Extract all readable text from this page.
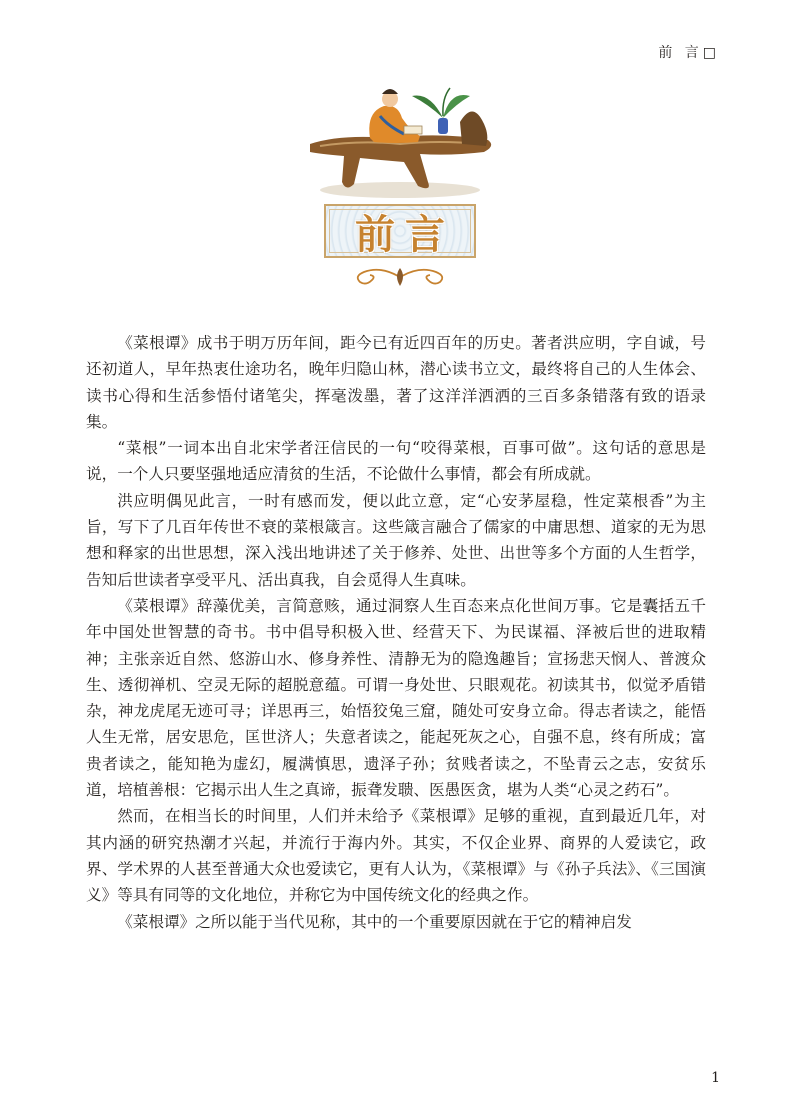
前 言□
前言

《菜根谭》成书于明万历年间，距今已有近四百年的历史。著者洪应明，字自诚，号还初道人，早年热衷仕途功名，晚年归隐山林，潜心读书立文，最终将自己的人生体会、读书心得和生活参悟付诸笔尖，挥毫泼墨，著了这洋洋洒洒的三百多条错落有致的语录集。

“菜根”一词本出自北宋学者汪信民的一句“咬得菜根，百事可做”。这句话的意思是说，一个人只要坚强地适应清贫的生活，不论做什么事情，都会有所成就。

洪应明偶见此言，一时有感而发，便以此立意，定“心安茅屋稳，性定菜根香”为主旨，写下了几百年传世不衰的菜根箴言。这些箴言融合了儒家的中庸思想、道家的无为思想和释家的出世思想，深入浅出地讲述了关于修养、处世、出世等多个方面的人生哲学，告知后世读者享受平凡、活出真我，自会觅得人生真味。

《菜根谭》辞藻优美，言简意赅，通过洞察人生百态来点化世间万事。它是囊括五千年中国处世智慧的奇书。书中倡导积极入世、经营天下、为民谋福、泽被后世的进取精神；主张亲近自然、悠游山水、修身养性、清静无为的隐逸趣旨；宣扬悲天悯人、普渡众生、透彻禅机、空灵无际的超脱意蕴。可谓一身处世、只眼观花。初读其书，似觉矛盾错杂，神龙虎尾无迹可寻；详思再三，始悟狡兔三窟，随处可安身立命。得志者读之，能悟人生无常，居安思危，匡世济人；失意者读之，能起死灰之心，自强不息，终有所成；富贵者读之，能知艳为虚幻，履满慎思，遗泽子孙；贫贱者读之，不坠青云之志，安贫乐道，培植善根：它揭示出人生之真谛，振聋发聩、医愚医贪，堪为人类“心灵之药石”。

然而，在相当长的时间里，人们并未给予《菜根谭》足够的重视，直到最近几年，对其内涵的研究热潮才兴起，并流行于海内外。其实，不仅企业界、商界的人爱读它，政界、学术界的人甚至普通大众也爱读它，更有人认为，《菜根谭》与《孙子兵法》、《三国演义》等具有同等的文化地位，并称它为中国传统文化的经典之作。

《菜根谭》之所以能于当代见称，其中的一个重要原因就在于它的精神启发

1
